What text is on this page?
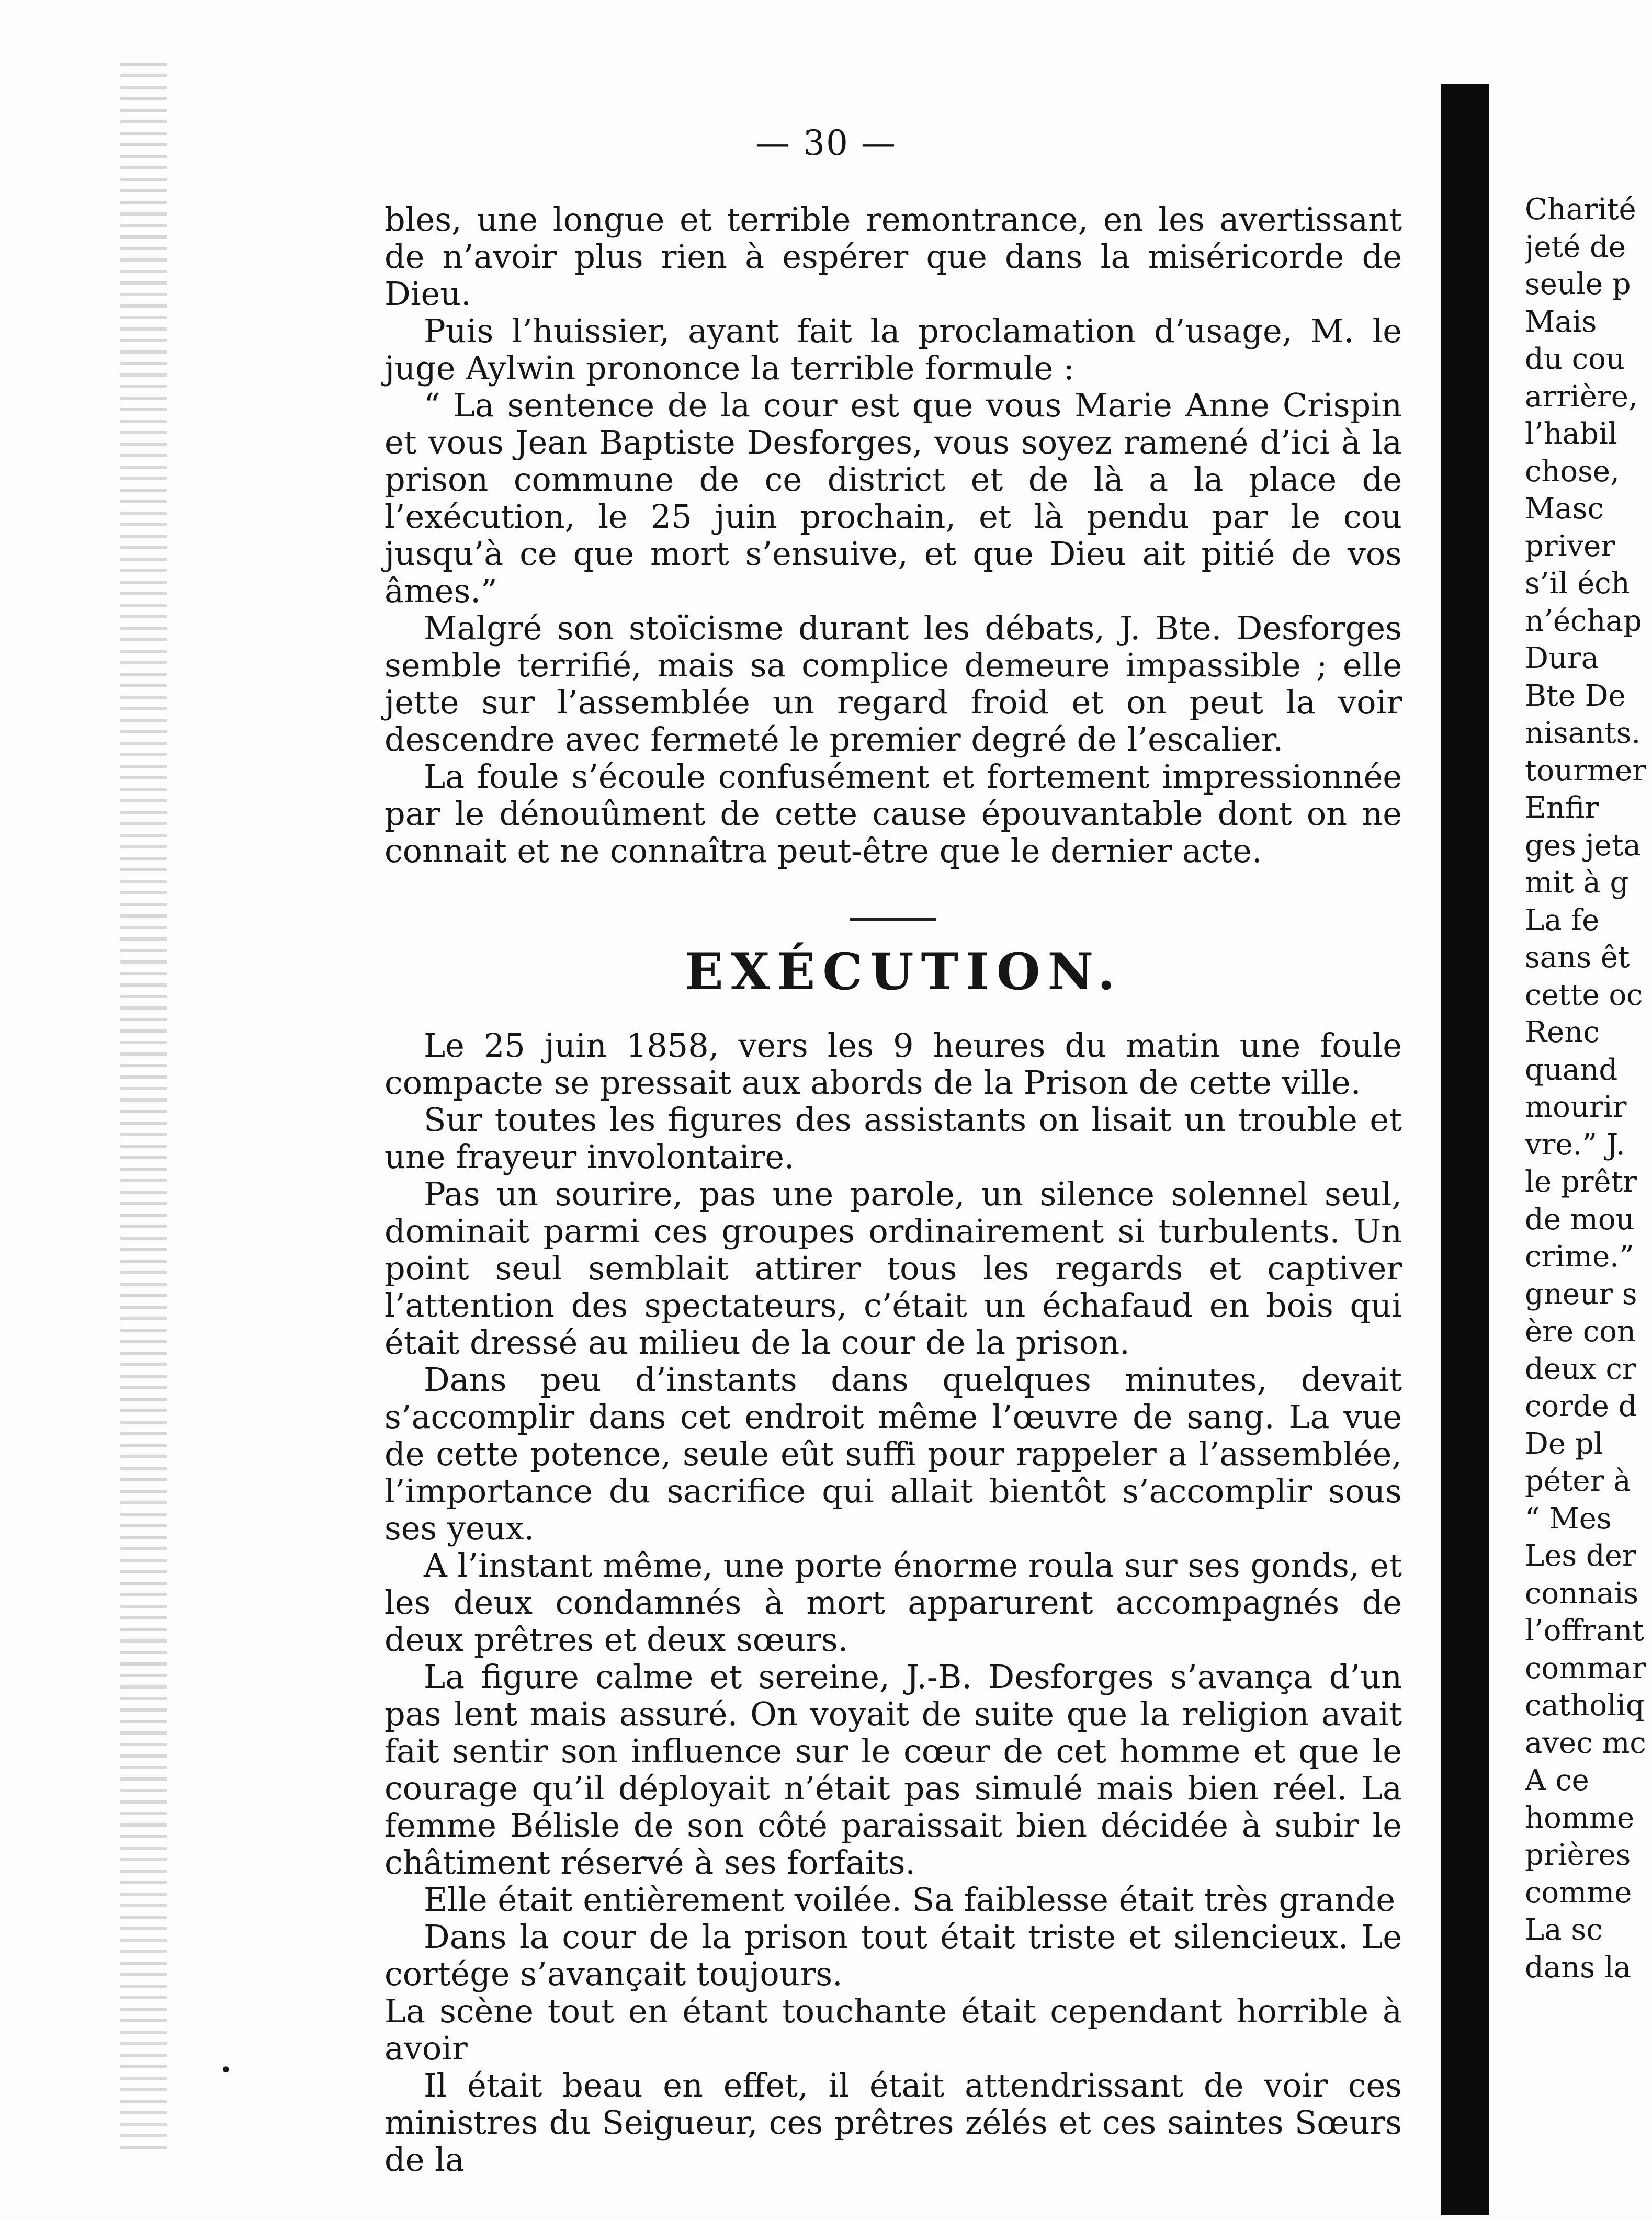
— 30 —

bles, une longue et terrible remontrance, en les avertissant de n’avoir plus rien à espérer que dans la miséricorde de Dieu.

Puis l’huissier, ayant fait la proclamation d’usage, M. le juge Aylwin prononce la terrible formule :

“ La sentence de la cour est que vous Marie Anne Crispin et vous Jean Baptiste Desforges, vous soyez ramené d’ici à la prison commune de ce district et de là a la place de l’exécution, le 25 juin prochain, et là pendu par le cou jusqu’à ce que mort s’ensuive, et que Dieu ait pitié de vos âmes.”

Malgré son stoïcisme durant les débats, J. Bte. Desforges semble terrifié, mais sa complice demeure impassible ; elle jette sur l’assemblée un regard froid et on peut la voir descendre avec fermeté le premier degré de l’escalier.

La foule s’écoule confusément et fortement impressionnée par le dénouûment de cette cause épouvantable dont on ne connait et ne connaîtra peut-être que le dernier acte.

EXÉCUTION.

Le 25 juin 1858, vers les 9 heures du matin une foule compacte se pressait aux abords de la Prison de cette ville.

Sur toutes les figures des assistants on lisait un trouble et une frayeur involontaire.

Pas un sourire, pas une parole, un silence solennel seul, dominait parmi ces groupes ordinairement si turbulents. Un point seul semblait attirer tous les regards et captiver l’attention des spectateurs, c’était un échafaud en bois qui était dressé au milieu de la cour de la prison.

Dans peu d’instants dans quelques minutes, devait s’accomplir dans cet endroit même l’œuvre de sang. La vue de cette potence, seule eût suffi pour rappeler a l’assemblée, l’importance du sacrifice qui allait bientôt s’accomplir sous ses yeux.

A l’instant même, une porte énorme roula sur ses gonds, et les deux condamnés à mort apparurent accompagnés de deux prêtres et deux sœurs.

La figure calme et sereine, J.-B. Desforges s’avança d’un pas lent mais assuré. On voyait de suite que la religion avait fait sentir son influence sur le cœur de cet homme et que le courage qu’il déployait n’était pas simulé mais bien réel. La femme Bélisle de son côté paraissait bien décidée à subir le châtiment réservé à ses forfaits.

Elle était entièrement voilée. Sa faiblesse était très grande

Dans la cour de la prison tout était triste et silencieux. Le cortége s’avançait toujours.

La scène tout en étant touchante était cependant horrible à avoir

Il était beau en effet, il était attendrissant de voir ces ministres du Seigueur, ces prêtres zélés et ces saintes Sœurs de la

Charité
jeté de
seule p
Mais
du cou
arrière,
l’habil
chose,
Masc
priver
s’il éch
n’échap
Dura
Bte De
nisants.
tourmer
Enfir
ges jeta
mit à g
La fe
sans êt
cette oc
Renc
quand
mourir
vre.” J.
le prêtr
de mou
crime.”
gneur s
ère con
deux cr
corde d
De pl
péter à
“ Mes
Les der
connais
l’offrant
commar
catholiq
avec mc
A ce
homme
prières
comme
La sc
dans la
•
